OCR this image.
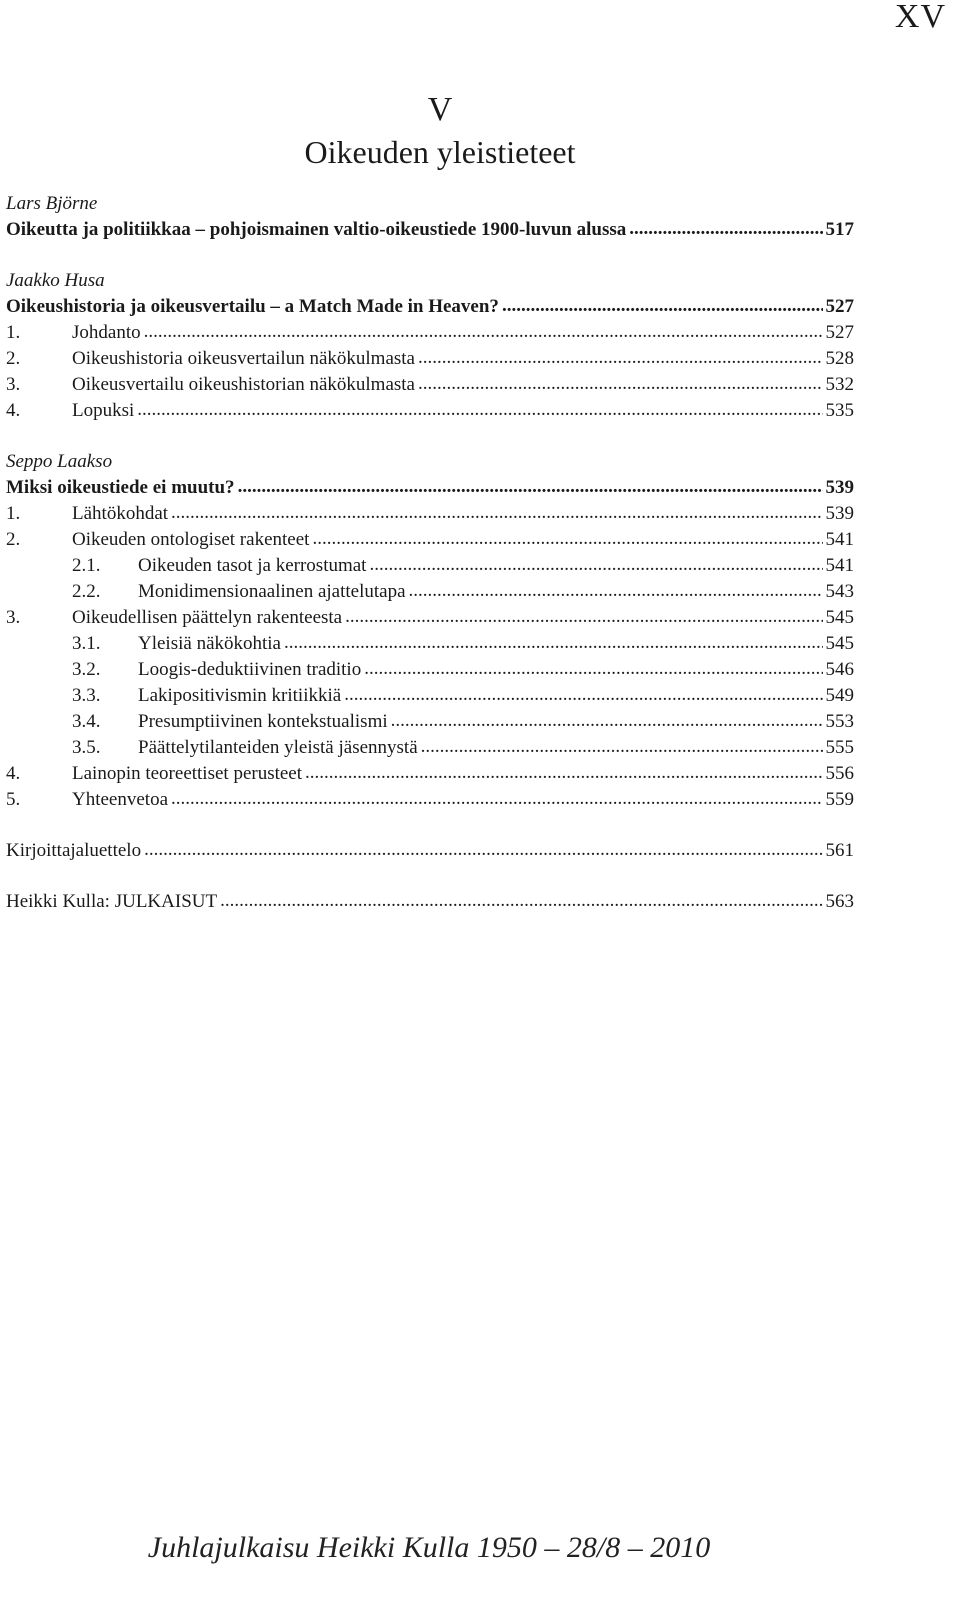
XV
V
Oikeuden yleistieteet
Lars Björne
Oikeutta ja politiikkaa – pohjoismainen valtio-oikeustiede 1900-luvun alussa .....	517
Jaakko Husa
Oikeushistoria ja oikeusvertailu – a Match Made in Heaven? .....	527
1.	Johdanto .....	527
2.	Oikeushistoria oikeusvertailun näkökulmasta .....	528
3.	Oikeusvertailu oikeushistorian näkökulmasta .....	532
4.	Lopuksi .....	535
Seppo Laakso
Miksi oikeustiede ei muutu? .....	539
1.	Lähtökohdat .....	539
2.	Oikeuden ontologiset rakenteet .....	541
2.1.	Oikeuden tasot ja kerrostumat .....	541
2.2.	Monidimensionaalinen ajattelutapa .....	543
3.	Oikeudellisen päättelyn rakenteesta .....	545
3.1.	Yleisiä näkökohtia .....	545
3.2.	Loogis-deduktiivinen traditio .....	546
3.3.	Lakipositivismin kritiikkiä .....	549
3.4.	Presumptiivinen kontekstualismi .....	553
3.5.	Päättelytilanteiden yleistä jäsennystä .....	555
4.	Lainopin teoreettiset perusteet .....	556
5.	Yhteenvetoa .....	559
Kirjoittajaluettelo .....	561
Heikki Kulla: JULKAISUT .....	563
Juhlajulkaisu Heikki Kulla 1950 – 28/8 – 2010
